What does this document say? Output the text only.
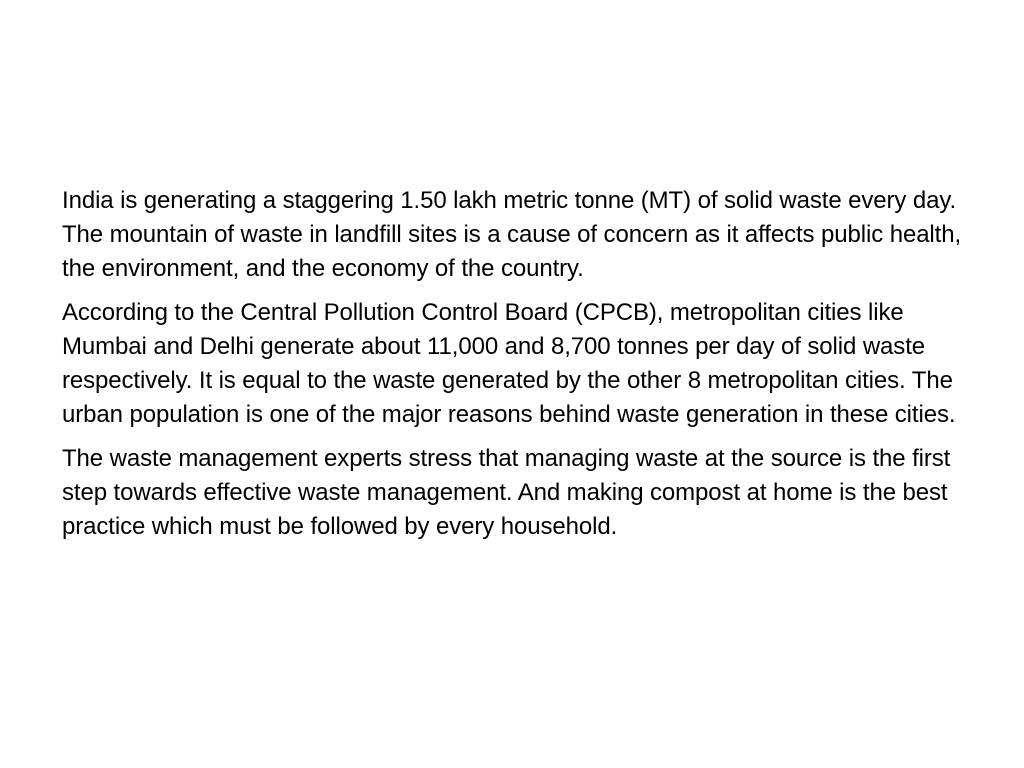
India is generating a staggering 1.50 lakh metric tonne (MT) of solid waste every day. The mountain of waste in landfill sites is a cause of concern as it affects public health, the environment, and the economy of the country.

According to the Central Pollution Control Board (CPCB), metropolitan cities like Mumbai and Delhi generate about 11,000 and 8,700 tonnes per day of solid waste respectively. It is equal to the waste generated by the other 8 metropolitan cities. The urban population is one of the major reasons behind waste generation in these cities.

The waste management experts stress that managing waste at the source is the first step towards effective waste management. And making compost at home is the best practice which must be followed by every household.
